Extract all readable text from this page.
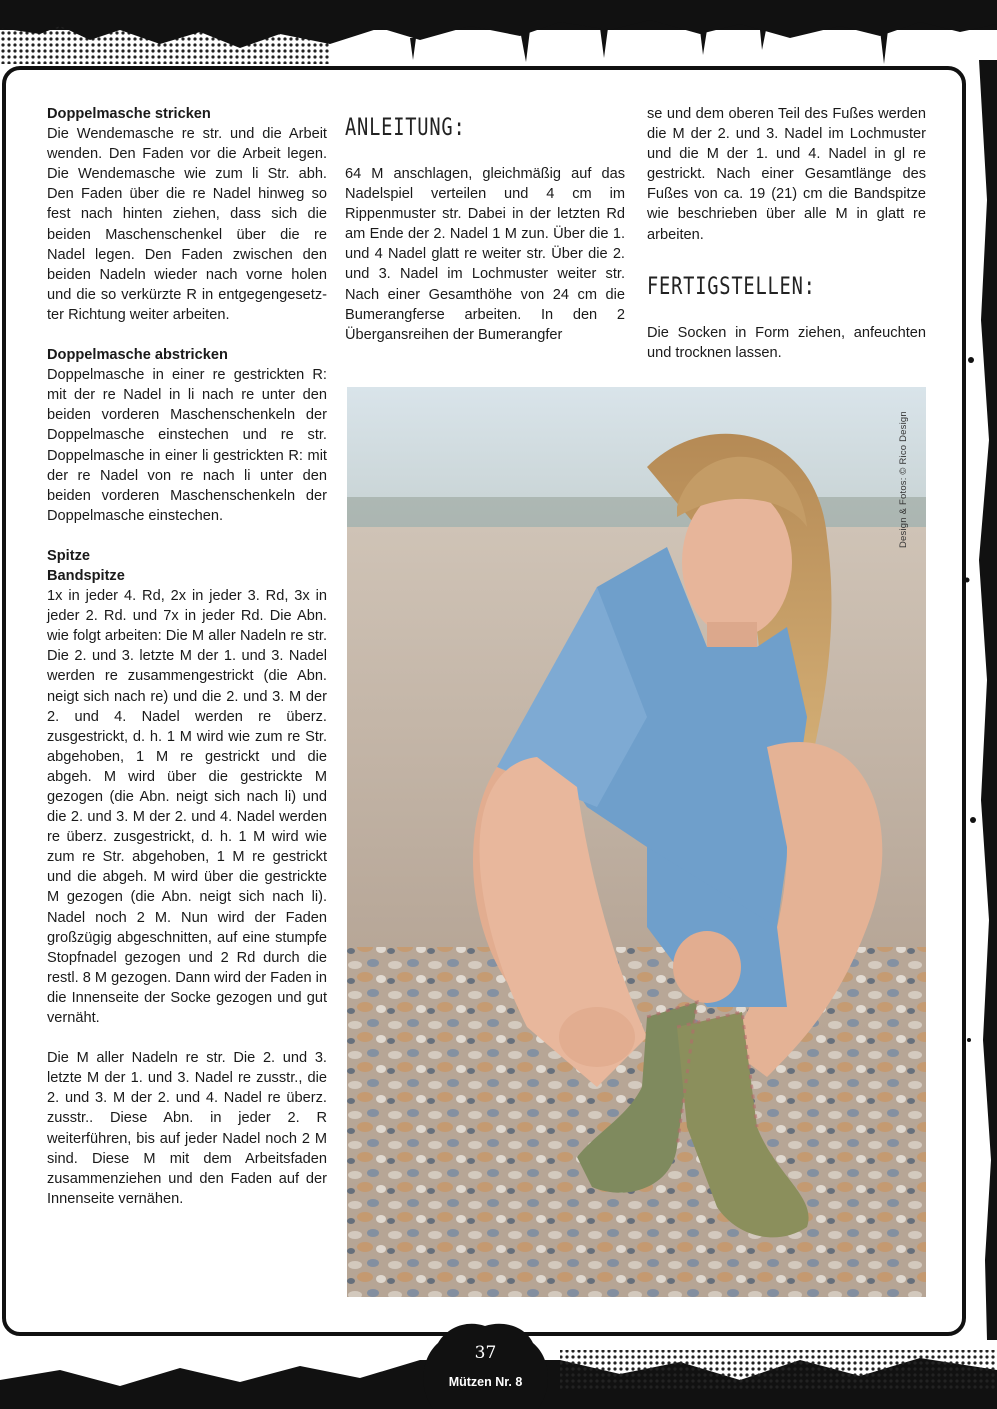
Doppelmasche stricken

Die Wendemasche re str. und die Arbeit wenden. Den Faden vor die Arbeit legen. Die Wendemasche wie zum li Str. abh. Den Faden über die re Nadel hinweg so fest nach hinten ziehen, dass sich die beiden Maschenschenkel über die re Nadel legen. Den Faden zwischen den beiden Nadeln wieder nach vorne holen und die so verkürzte R in entgegengesetzter Richtung weiter arbeiten.

Doppelmasche abstricken

Doppelmasche in einer re gestrickten R: mit der re Nadel in li nach re unter den beiden vorderen Maschenschenkeln der Doppelmasche einstechen und re str. Doppelmasche in einer li gestrickten R: mit der re Nadel von re nach li unter den beiden vorderen Maschenschenkeln der Doppelmasche einstechen.

Spitze

Bandspitze

1x in jeder 4. Rd, 2x in jeder 3. Rd, 3x in jeder 2. Rd. und 7x in jeder Rd. Die Abn. wie folgt arbeiten: Die M aller Nadeln re str. Die 2. und 3. letzte M der 1. und 3. Nadel werden re zusammengestrickt (die Abn. neigt sich nach re) und die 2. und 3. M der 2. und 4. Nadel werden re überz. zusgestrickt, d. h. 1 M wird wie zum re Str. abgehoben, 1 M re gestrickt und die abgeh. M wird über die gestrickte M gezogen (die Abn. neigt sich nach li) und die 2. und 3. M der 2. und 4. Nadel werden re überz. zusgestrickt, d. h. 1 M wird wie zum re Str. abgehoben, 1 M re gestrickt und die abgeh. M wird über die gestrickte M gezogen (die Abn. neigt sich nach li). Nadel noch 2 M. Nun wird der Faden großzügig abgeschnitten, auf eine stumpfe Stopfnadel gezogen und 2 Rd durch die restl. 8 M gezogen. Dann wird der Faden in die Innenseite der Socke gezogen und gut vernäht.

Die M aller Nadeln re str. Die 2. und 3. letzte M der 1. und 3. Nadel re zusstr., die 2. und 3. M der 2. und 4. Nadel re überz. zusstr.. Diese Abn. in jeder 2. R weiterführen, bis auf jeder Nadel noch 2 M sind. Diese M mit dem Arbeitsfaden zusammenziehen und den Faden auf der Innenseite vernähen.

ANLEITUNG:

64 M anschlagen, gleichmäßig auf das Nadelspiel verteilen und 4 cm im Rippenmuster str. Dabei in der letzten Rd am Ende der 2. Nadel 1 M zun. Über die 1. und 4 Nadel glatt re weiter str. Über die 2. und 3. Nadel im Lochmuster weiter str. Nach einer Gesamthöhe von 24 cm die Bumerangferse arbeiten. In den 2 Übergansreihen der Bumerangfer

se und dem oberen Teil des Fußes werden die M der 2. und 3. Nadel im Lochmuster und die M der 1. und 4. Nadel in gl re gestrickt. Nach einer Gesamtlänge des Fußes von ca. 19 (21) cm die Bandspitze wie beschrieben über alle M in glatt re arbeiten.

FERTIGSTELLEN:

Die Socken in Form ziehen, anfeuchten und trocknen lassen.

Design & Fotos: © Rico Design
37
Mützen Nr. 8
